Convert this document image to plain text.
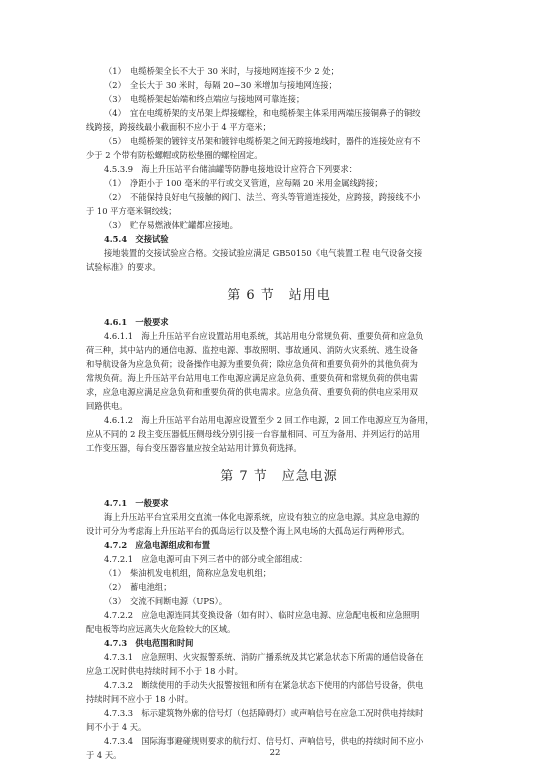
（1）　电缆桥架全长不大于 30 米时，与接地网连接不少 2 处；

（2）　全长大于 30 米时，每隔 20~30 米增加与接地网连接；

（3）　电缆桥架起始端和终点端应与接地网可靠连接；

（4）　宜在电缆桥架的支吊架上焊接螺栓，和电缆桥架主体采用两端压接铜鼻子的铜绞

线跨接，跨接线最小截面积不应小于 4 平方毫米；

（5）　电缆桥架的镀锌支吊架和镀锌电缆桥架之间无跨接地线时，器件的连接处应有不

少于 2 个带有防松螺帽或防松垫圈的螺栓固定。

4.5.3.9　海上升压站平台储油罐等防静电接地设计应符合下列要求：

（1）　净距小于 100 毫米的平行或交叉管道，应每隔 20 米用金属线跨接；

（2）　不能保持良好电气接触的阀门、法兰、弯头等管道连接处，应跨接，跨接线不小

于 10 平方毫米铜绞线；

（3）　贮存易燃液体贮罐都应接地。

4.5.4　交接试验

接地装置的交接试验应合格。交接试验应满足 GB50150《电气装置工程 电气设备交接

试验标准》的要求。

第 6 节　站用电

4.6.1　一般要求

4.6.1.1　海上升压站平台应设置站用电系统，其站用电分常规负荷、重要负荷和应急负

荷三种，其中站内的通信电源、监控电源、事故照明、事故通风、消防火灾系统、逃生设备

和导航设备为应急负荷；设备操作电源为重要负荷；除应急负荷和重要负荷外的其他负荷为

常规负荷。海上升压站平台站用电工作电源应满足应急负荷、重要负荷和常规负荷的供电需

求，应急电源应满足应急负荷和重要负荷的供电需求。应急负荷、重要负荷的供电应采用双

回路供电。

4.6.1.2　海上升压站平台站用电源应设置至少 2 回工作电源，2 回工作电源应互为备用，

应从不同的 2 段主变压器低压侧母线分别引接一台容量相同、可互为备用、并列运行的站用

工作变压器，每台变压器容量应按全站站用计算负荷选择。

第 7 节　应急电源

4.7.1　一般要求

海上升压站平台宜采用交直流一体化电源系统，应设有独立的应急电源。其应急电源的

设计可分为考虑海上升压站平台的孤岛运行以及整个海上风电场的大孤岛运行两种形式。

4.7.2　应急电源组成和布置

4.7.2.1　应急电源可由下列三者中的部分或全部组成：

（1）　柴油机发电机组，简称应急发电机组；

（2）　蓄电池组；

（3）　交流不间断电源（UPS）。

4.7.2.2　应急电源连同其变换设备（如有时）、临时应急电源、应急配电板和应急照明

配电板等均应远离失火危险较大的区域。

4.7.3　供电范围和时间

4.7.3.1　应急照明、火灾报警系统、消防广播系统及其它紧急状态下所需的通信设备在

应急工况时供电持续时间不小于 18 小时。

4.7.3.2　断续使用的手动失火报警按钮和所有在紧急状态下使用的内部信号设备，供电

持续时间不应小于 18 小时。

4.7.3.3　标示建筑物外廓的信号灯（包括障碍灯）或声响信号在应急工况时供电持续时

间不小于 4 天。

4.7.3.4　国际海事避碰规则要求的航行灯、信号灯、声响信号，供电的持续时间不应小

于 4 天。	22
